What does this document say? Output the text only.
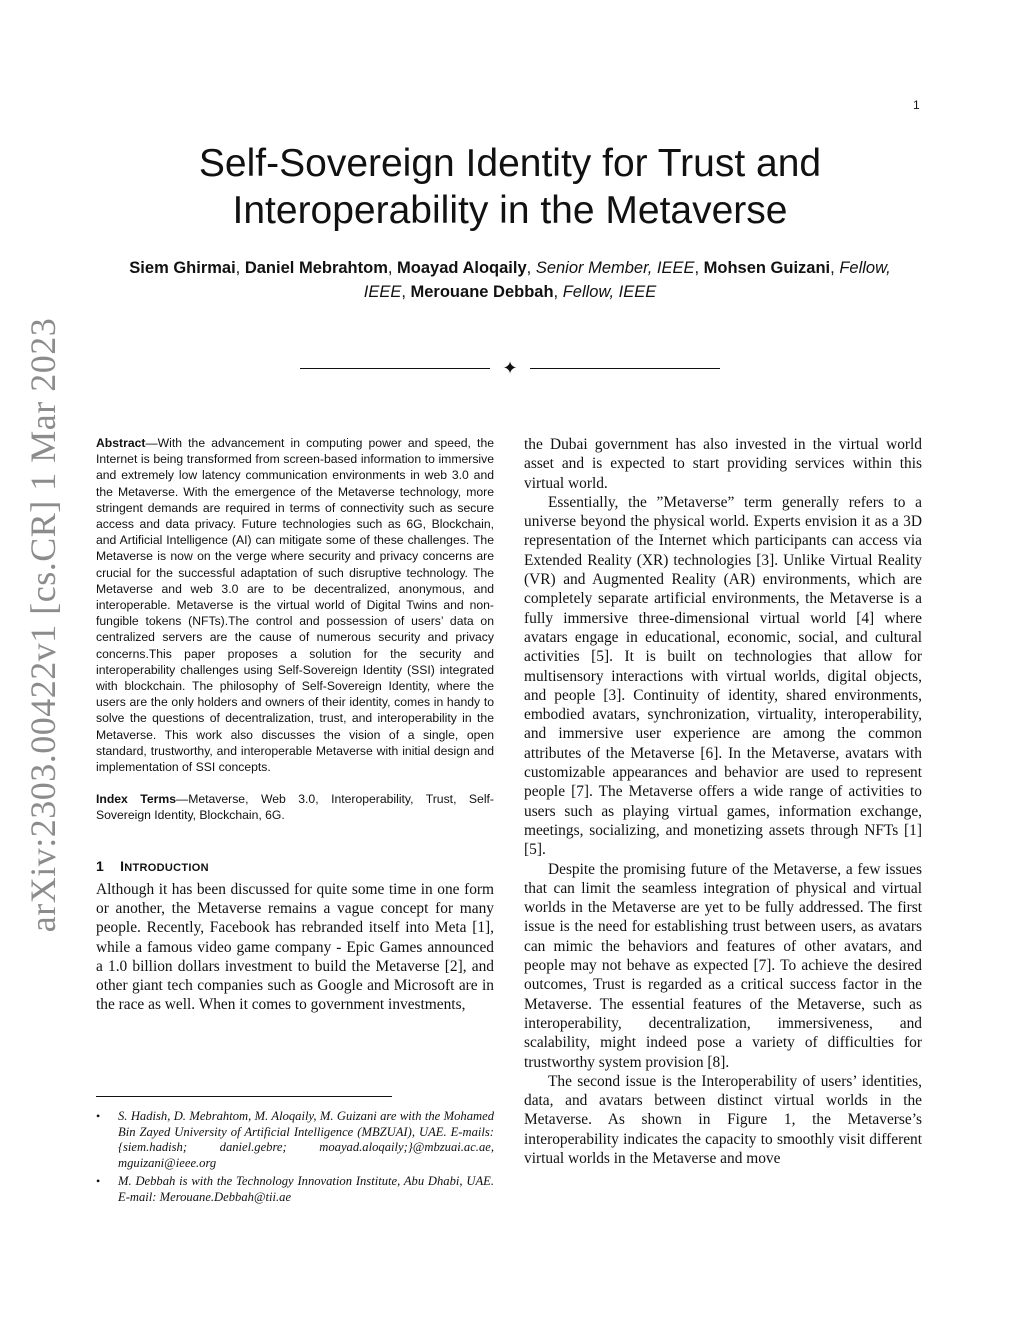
1
arXiv:2303.00422v1 [cs.CR] 1 Mar 2023
Self-Sovereign Identity for Trust and Interoperability in the Metaverse
Siem Ghirmai, Daniel Mebrahtom, Moayad Aloqaily, Senior Member, IEEE, Mohsen Guizani, Fellow, IEEE, Merouane Debbah, Fellow, IEEE
✦

Abstract—With the advancement in computing power and speed, the Internet is being transformed from screen-based information to immersive and extremely low latency communication environments in web 3.0 and the Metaverse. With the emergence of the Metaverse technology, more stringent demands are required in terms of connectivity such as secure access and data privacy. Future technologies such as 6G, Blockchain, and Artificial Intelligence (AI) can mitigate some of these challenges. The Metaverse is now on the verge where security and privacy concerns are crucial for the successful adaptation of such disruptive technology. The Metaverse and web 3.0 are to be decentralized, anonymous, and interoperable. Metaverse is the virtual world of Digital Twins and non-fungible tokens (NFTs).The control and possession of users’ data on centralized servers are the cause of numerous security and privacy concerns.This paper proposes a solution for the security and interoperability challenges using Self-Sovereign Identity (SSI) integrated with blockchain. The philosophy of Self-Sovereign Identity, where the users are the only holders and owners of their identity, comes in handy to solve the questions of decentralization, trust, and interoperability in the Metaverse. This work also discusses the vision of a single, open standard, trustworthy, and interoperable Metaverse with initial design and implementation of SSI concepts.

Index Terms—Metaverse, Web 3.0, Interoperability, Trust, Self-Sovereign Identity, Blockchain, 6G.

1 INTRODUCTION

Although it has been discussed for quite some time in one form or another, the Metaverse remains a vague concept for many people. Recently, Facebook has rebranded itself into Meta [1], while a famous video game company - Epic Games announced a 1.0 billion dollars investment to build the Metaverse [2], and other giant tech companies such as Google and Microsoft are in the race as well. When it comes to government investments,

• S. Hadish, D. Mebrahtom, M. Aloqaily, M. Guizani are with the Mohamed Bin Zayed University of Artificial Intelligence (MBZUAI), UAE. E-mails: {siem.hadish; daniel.gebre; moayad.aloqaily;}@mbzuai.ac.ae, mguizani@ieee.org
• M. Debbah is with the Technology Innovation Institute, Abu Dhabi, UAE. E-mail: Merouane.Debbah@tii.ae

the Dubai government has also invested in the virtual world asset and is expected to start providing services within this virtual world.

Essentially, the ”Metaverse” term generally refers to a universe beyond the physical world. Experts envision it as a 3D representation of the Internet which participants can access via Extended Reality (XR) technologies [3]. Unlike Virtual Reality (VR) and Augmented Reality (AR) environments, which are completely separate artificial environments, the Metaverse is a fully immersive three-dimensional virtual world [4] where avatars engage in educational, economic, social, and cultural activities [5]. It is built on technologies that allow for multisensory interactions with virtual worlds, digital objects, and people [3]. Continuity of identity, shared environments, embodied avatars, synchronization, virtuality, interoperability, and immersive user experience are among the common attributes of the Metaverse [6]. In the Metaverse, avatars with customizable appearances and behavior are used to represent people [7]. The Metaverse offers a wide range of activities to users such as playing virtual games, information exchange, meetings, socializing, and monetizing assets through NFTs [1] [5].

Despite the promising future of the Metaverse, a few issues that can limit the seamless integration of physical and virtual worlds in the Metaverse are yet to be fully addressed. The first issue is the need for establishing trust between users, as avatars can mimic the behaviors and features of other avatars, and people may not behave as expected [7]. To achieve the desired outcomes, Trust is regarded as a critical success factor in the Metaverse. The essential features of the Metaverse, such as interoperability, decentralization, immersiveness, and scalability, might indeed pose a variety of difficulties for trustworthy system provision [8].

The second issue is the Interoperability of users’ identities, data, and avatars between distinct virtual worlds in the Metaverse. As shown in Figure 1, the Metaverse’s interoperability indicates the capacity to smoothly visit different virtual worlds in the Metaverse and move
